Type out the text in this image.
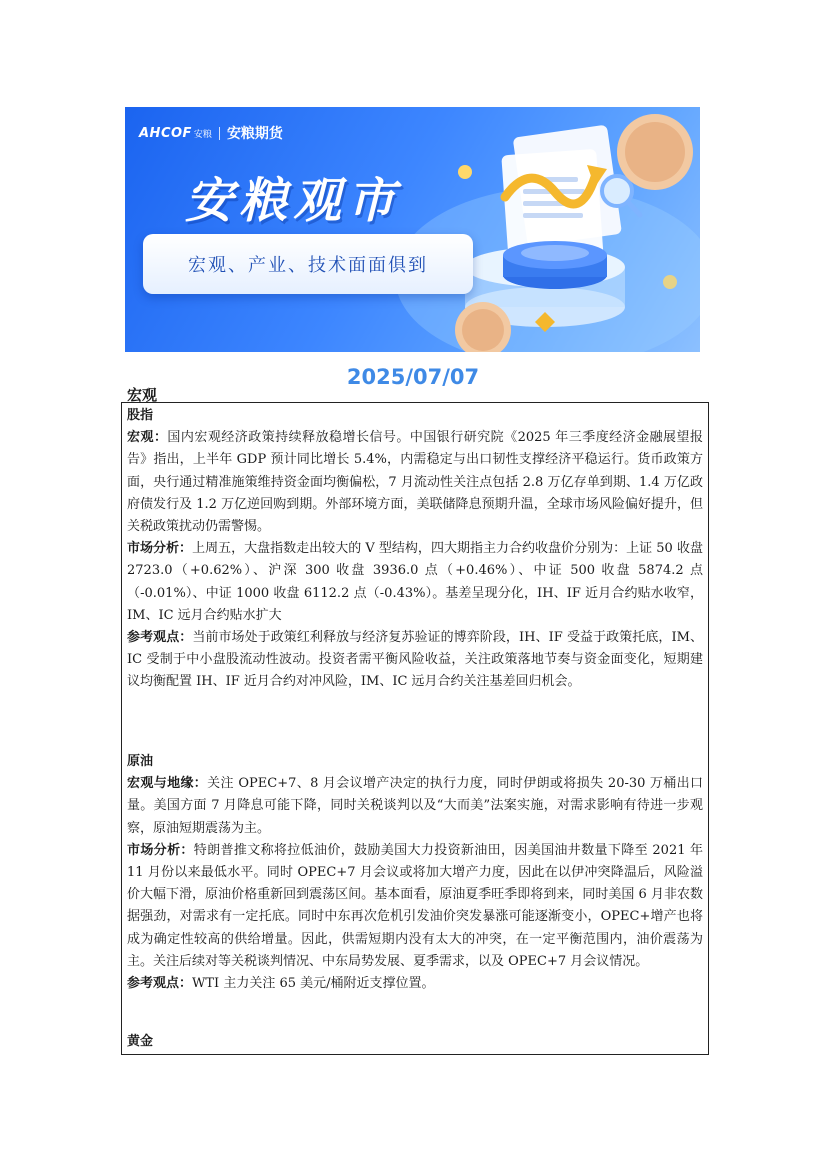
AHCOF 安粮 安粮期货
安粮观市
宏观、产业、技术面面俱到
2025/07/07
宏观
股指

宏观：国内宏观经济政策持续释放稳增长信号。中国银行研究院《2025 年三季度经济金融展望报告》指出，上半年 GDP 预计同比增长 5.4%，内需稳定与出口韧性支撑经济平稳运行。货币政策方面，央行通过精准施策维持资金面均衡偏松，7 月流动性关注点包括 2.8 万亿存单到期、1.4 万亿政府债发行及 1.2 万亿逆回购到期。外部环境方面，美联储降息预期升温，全球市场风险偏好提升，但关税政策扰动仍需警惕。

市场分析：上周五，大盘指数走出较大的 V 型结构，四大期指主力合约收盘价分别为：上证 50 收盘 2723.0（+0.62%）、沪深 300 收盘 3936.0 点（+0.46%）、中证 500 收盘 5874.2 点（-0.01%）、中证 1000 收盘 6112.2 点（-0.43%）。基差呈现分化，IH、IF 近月合约贴水收窄，IM、IC 远月合约贴水扩大

参考观点：当前市场处于政策红利释放与经济复苏验证的博弈阶段，IH、IF 受益于政策托底，IM、IC 受制于中小盘股流动性波动。投资者需平衡风险收益，关注政策落地节奏与资金面变化，短期建议均衡配置 IH、IF 近月合约对冲风险，IM、IC 远月合约关注基差回归机会。

原油

宏观与地缘：关注 OPEC+7、8 月会议增产决定的执行力度，同时伊朗或将损失 20-30 万桶出口量。美国方面 7 月降息可能下降，同时关税谈判以及“大而美”法案实施，对需求影响有待进一步观察，原油短期震荡为主。

市场分析：特朗普推文称将拉低油价，鼓励美国大力投资新油田，因美国油井数量下降至 2021 年 11 月份以来最低水平。同时 OPEC+7 月会议或将加大增产力度，因此在以伊冲突降温后，风险溢价大幅下滑，原油价格重新回到震荡区间。基本面看，原油夏季旺季即将到来，同时美国 6 月非农数据强劲，对需求有一定托底。同时中东再次危机引发油价突发暴涨可能逐渐变小，OPEC+增产也将成为确定性较高的供给增量。因此，供需短期内没有太大的冲突，在一定平衡范围内，油价震荡为主。关注后续对等关税谈判情况、中东局势发展、夏季需求，以及 OPEC+7 月会议情况。

参考观点：WTI 主力关注 65 美元/桶附近支撑位置。

黄金
